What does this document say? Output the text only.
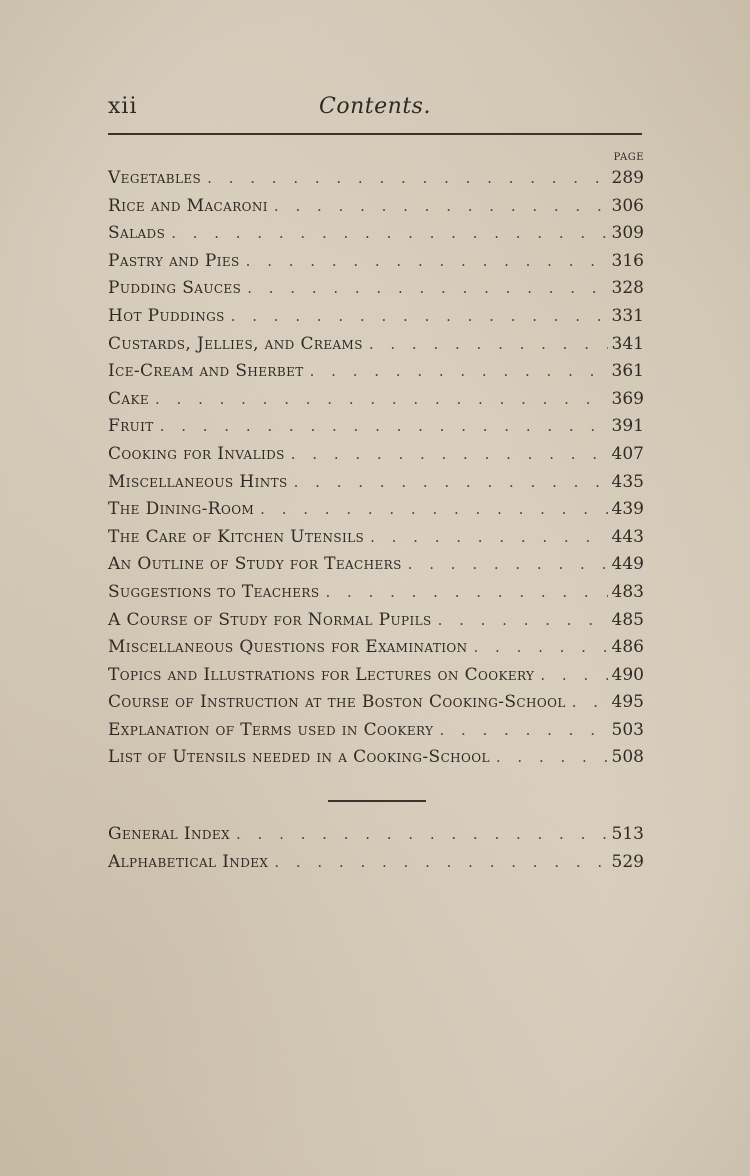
xii	Contents.
PAGE
Vegetables . . .	289
Rice and Macaroni . . .	306
Salads . . .	309
Pastry and Pies . . .	316
Pudding Sauces . . .	328
Hot Puddings . . .	331
Custards, Jellies, and Creams . . .	341
Ice-Cream and Sherbet . . .	361
Cake . . .	369
Fruit . . .	391
Cooking for Invalids . . .	407
Miscellaneous Hints . . .	435
The Dining-Room . . .	439
The Care of Kitchen Utensils . . .	443
An Outline of Study for Teachers . . .	449
Suggestions to Teachers . . .	483
A Course of Study for Normal Pupils . . .	485
Miscellaneous Questions for Examination . . .	486
Topics and Illustrations for Lectures on Cookery . . .	490
Course of Instruction at the Boston Cooking-School . . .	495
Explanation of Terms used in Cookery . . .	503
List of Utensils needed in a Cooking-School . . .	508
General Index . . .	513
Alphabetical Index . . .	529
